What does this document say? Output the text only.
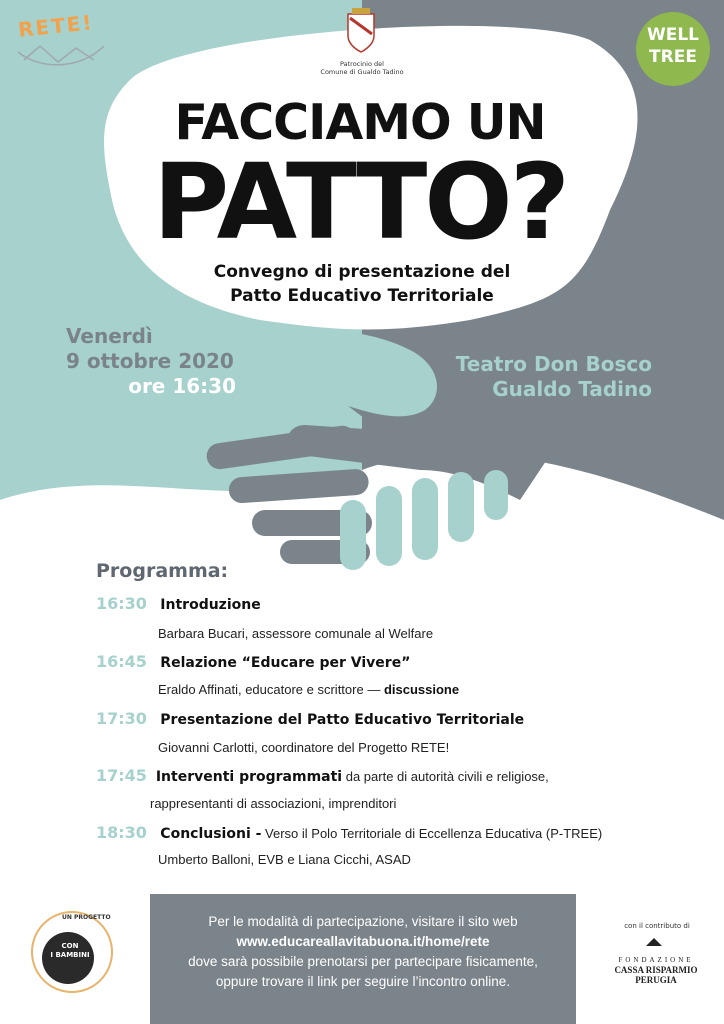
RETE!
Patrocinio del
Comune di Gualdo Tadino
WELL
TREE
FACCIAMO UN
PATTO?
Convegno di presentazione del
Patto Educativo Territoriale
Venerdì
9 ottobre 2020
ore 16:30
Teatro Don Bosco
Gualdo Tadino
Programma:
16:30 Introduzione
Barbara Bucari, assessore comunale al Welfare
16:45 Relazione “Educare per Vivere”
Eraldo Affinati, educatore e scrittore — discussione
17:30 Presentazione del Patto Educativo Territoriale
Giovanni Carlotti, coordinatore del Progetto RETE!
17:45 Interventi programmati da parte di autorità civili e religiose,
rappresentanti di associazioni, imprenditori
18:30 Conclusioni - Verso il Polo Territoriale di Eccellenza Educativa (P-TREE)
Umberto Balloni, EVB e Liana Cicchi, ASAD
Per le modalità di partecipazione, visitare il sito web
www.educareallavitabuona.it/home/rete
dove sarà possibile prenotarsi per partecipare fisicamente,
oppure trovare il link per seguire l’incontro online.
UN PROGETTO
CON
I BAMBINI
con il contributo di
FONDAZIONE
CASSA RISPARMIO PERUGIA
